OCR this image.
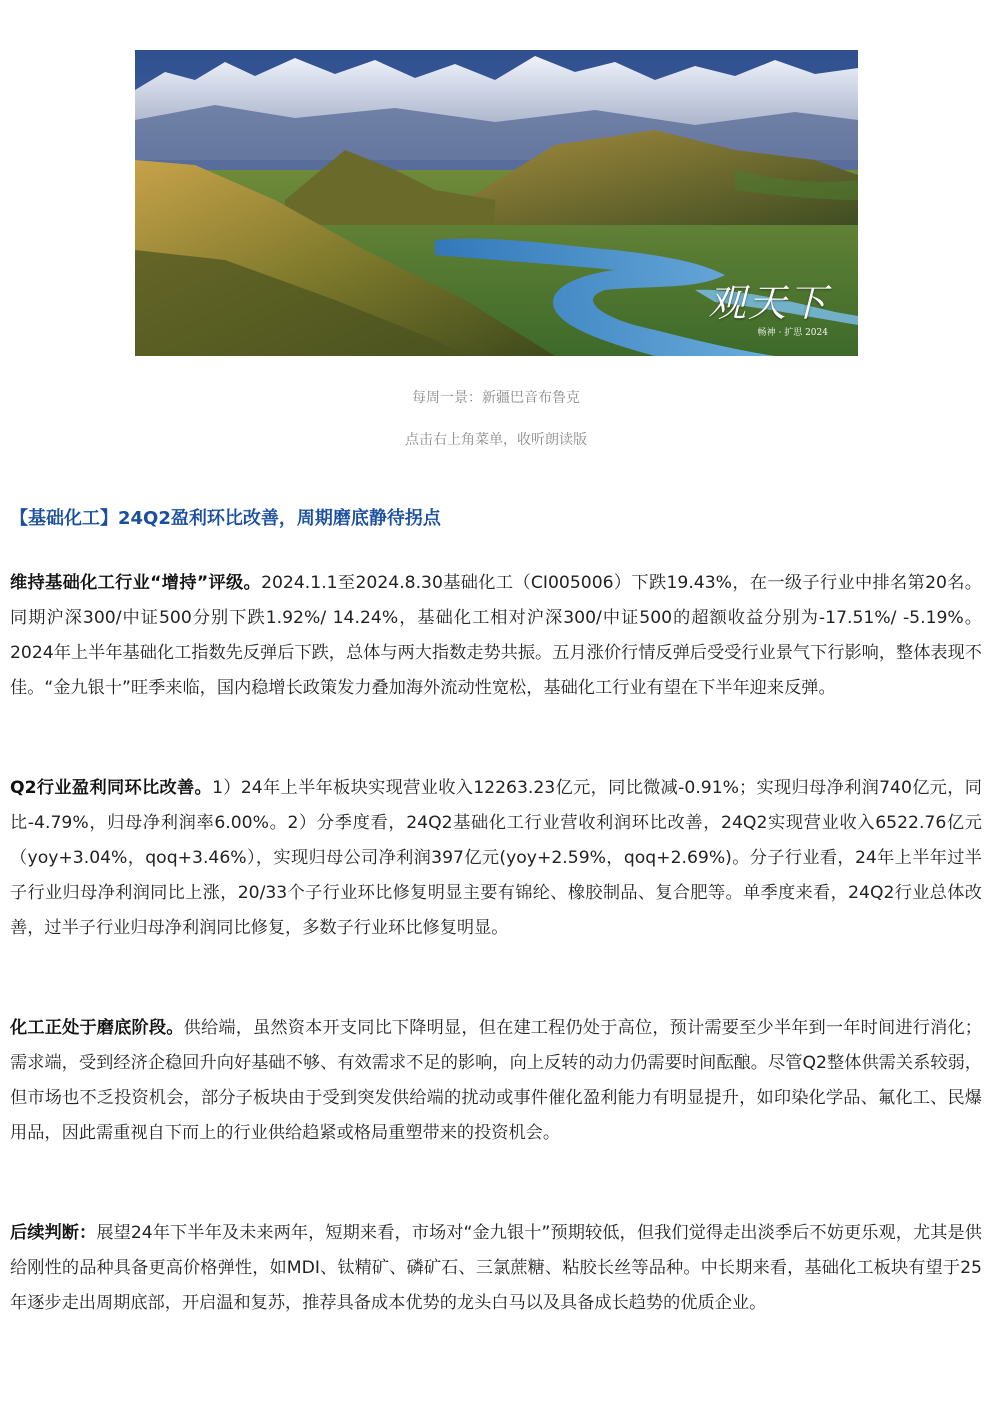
观天下
畅神 · 扩思 2024
每周一景：新疆巴音布鲁克
点击右上角菜单，收听朗读版
【基础化工】24Q2盈利环比改善，周期磨底静待拐点
维持基础化工行业“增持”评级。2024.1.1至2024.8.30基础化工（CI005006）下跌19.43%，在一级子行业中排名第20名。同期沪深300/中证500分别下跌1.92%/ 14.24%，基础化工相对沪深300/中证500的超额收益分别为-17.51%/ -5.19%。2024年上半年基础化工指数先反弹后下跌，总体与两大指数走势共振。五月涨价行情反弹后受受行业景气下行影响，整体表现不佳。“金九银十”旺季来临，国内稳增长政策发力叠加海外流动性宽松，基础化工行业有望在下半年迎来反弹。
Q2行业盈利同环比改善。1）24年上半年板块实现营业收入12263.23亿元，同比微减-0.91%；实现归母净利润740亿元，同比-4.79%，归母净利润率6.00%。2）分季度看，24Q2基础化工行业营收利润环比改善，24Q2实现营业收入6522.76亿元（yoy+3.04%，qoq+3.46%），实现归母公司净利润397亿元(yoy+2.59%，qoq+2.69%)。分子行业看，24年上半年过半子行业归母净利润同比上涨，20/33个子行业环比修复明显主要有锦纶、橡胶制品、复合肥等。单季度来看，24Q2行业总体改善，过半子行业归母净利润同比修复，多数子行业环比修复明显。
化工正处于磨底阶段。供给端，虽然资本开支同比下降明显，但在建工程仍处于高位，预计需要至少半年到一年时间进行消化；需求端，受到经济企稳回升向好基础不够、有效需求不足的影响，向上反转的动力仍需要时间酝酿。尽管Q2整体供需关系较弱，但市场也不乏投资机会，部分子板块由于受到突发供给端的扰动或事件催化盈利能力有明显提升，如印染化学品、氟化工、民爆用品，因此需重视自下而上的行业供给趋紧或格局重塑带来的投资机会。
后续判断：展望24年下半年及未来两年，短期来看，市场对“金九银十”预期较低，但我们觉得走出淡季后不妨更乐观，尤其是供给刚性的品种具备更高价格弹性，如MDI、钛精矿、磷矿石、三氯蔗糖、粘胶长丝等品种。中长期来看，基础化工板块有望于25年逐步走出周期底部，开启温和复苏，推荐具备成本优势的龙头白马以及具备成长趋势的优质企业。
